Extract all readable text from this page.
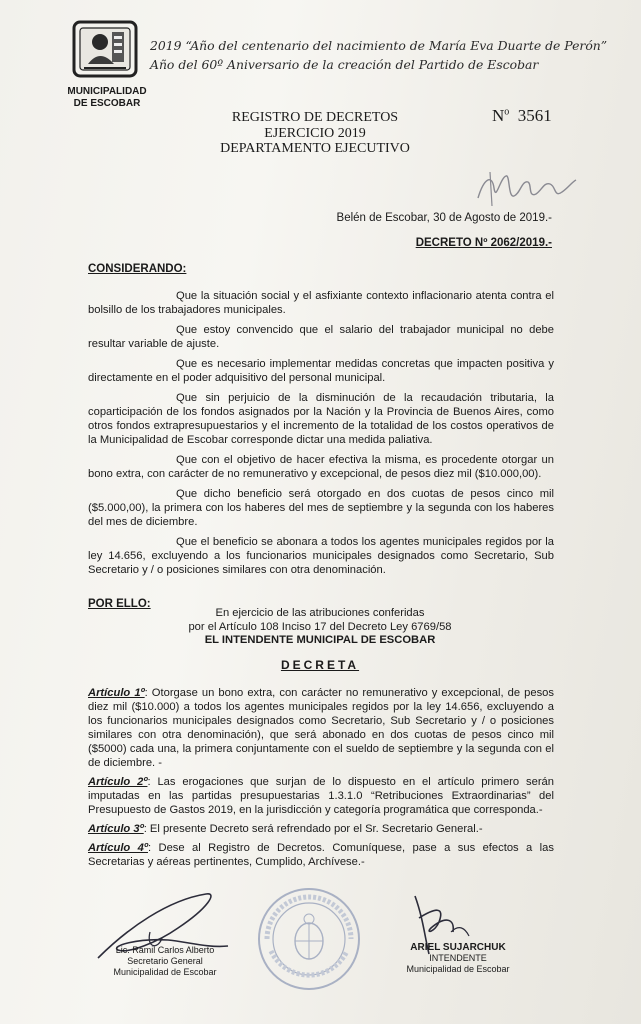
MUNICIPALIDAD
DE ESCOBAR
2019 “Año del centenario del nacimiento de María Eva Duarte de Perón”
Año del 60º Aniversario de la creación del Partido de Escobar
REGISTRO DE DECRETOS
EJERCICIO 2019
DEPARTAMENTO EJECUTIVO
$N^o$ 3561
Belén de Escobar, 30 de Agosto de 2019.-
DECRETO Nº 2062/2019.-
CONSIDERANDO:

Que la situación social y el asfixiante contexto inflacionario atenta contra el bolsillo de los trabajadores municipales.

Que estoy convencido que el salario del trabajador municipal no debe resultar variable de ajuste.

Que es necesario implementar medidas concretas que impacten positiva y directamente en el poder adquisitivo del personal municipal.

Que sin perjuicio de la disminución de la recaudación tributaria, la coparticipación de los fondos asignados por la Nación y la Provincia de Buenos Aires, como otros fondos extrapresupuestarios y el incremento de la totalidad de los costos operativos de la Municipalidad de Escobar corresponde dictar una medida paliativa.

Que con el objetivo de hacer efectiva la misma, es procedente otorgar un bono extra, con carácter de no remunerativo y excepcional, de pesos diez mil ($10.000,00).

Que dicho beneficio será otorgado en dos cuotas de pesos cinco mil ($5.000,00), la primera con los haberes del mes de septiembre y la segunda con los haberes del mes de diciembre.

Que el beneficio se abonara a todos los agentes municipales regidos por la ley 14.656, excluyendo a los funcionarios municipales designados como Secretario, Sub Secretario y / o posiciones similares con otra denominación.

POR ELLO:
En ejercicio de las atribuciones conferidas
por el Artículo 108 Inciso 17 del Decreto Ley 6769/58
EL INTENDENTE MUNICIPAL DE ESCOBAR
DECRETA

Artículo 1º: Otorgase un bono extra, con carácter no remunerativo y excepcional, de pesos diez mil ($10.000) a todos los agentes municipales regidos por la ley 14.656, excluyendo a los funcionarios municipales designados como Secretario, Sub Secretario y / o posiciones similares con otra denominación), que será abonado en dos cuotas de pesos cinco mil ($5000) cada una, la primera conjuntamente con el sueldo de septiembre y la segunda con el de diciembre. -

Artículo 2º: Las erogaciones que surjan de lo dispuesto en el artículo primero serán imputadas en las partidas presupuestarias 1.3.1.0 “Retribuciones Extraordinarias” del Presupuesto de Gastos 2019, en la jurisdicción y categoría programática que corresponda.-

Artículo 3º: El presente Decreto será refrendado por el Sr. Secretario General.-

Artículo 4º: Dese al Registro de Decretos. Comuníquese, pase a sus efectos a las Secretarias y aéreas pertinentes, Cumplido, Archívese.-

Lic. Ramil Carlos Alberto
Secretario General
Municipalidad de Escobar
ARIEL SUJARCHUK
INTENDENTE
Municipalidad de Escobar
